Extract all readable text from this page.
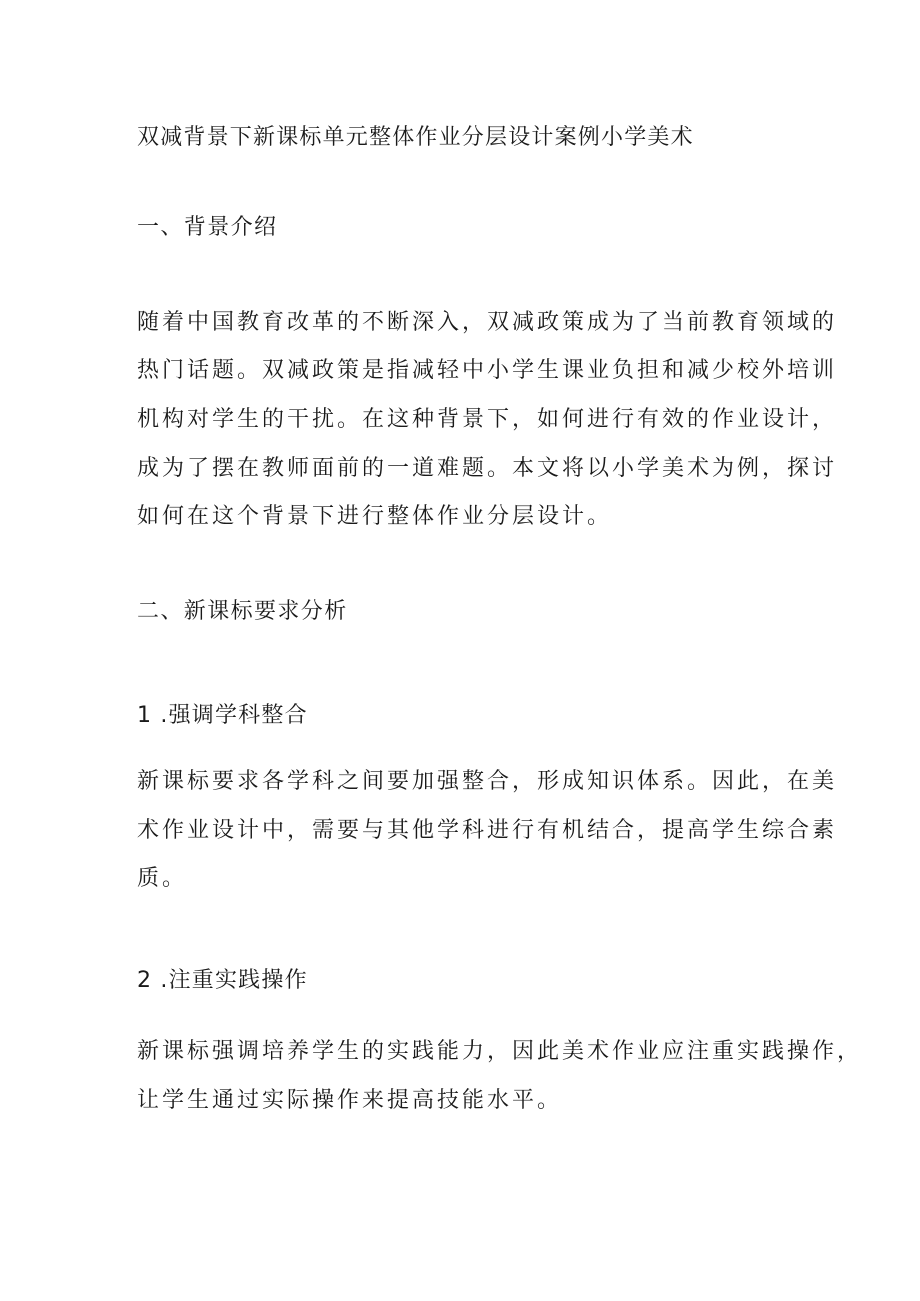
双减背景下新课标单元整体作业分层设计案例小学美术
一、背景介绍
随着中国教育改革的不断深入，双减政策成为了当前教育领域的
热门话题。双减政策是指减轻中小学生课业负担和减少校外培训
机构对学生的干扰。在这种背景下，如何进行有效的作业设计，
成为了摆在教师面前的一道难题。本文将以小学美术为例，探讨
如何在这个背景下进行整体作业分层设计。
二、新课标要求分析
1 .强调学科整合
新课标要求各学科之间要加强整合，形成知识体系。因此，在美
术作业设计中，需要与其他学科进行有机结合，提高学生综合素
质。
2 .注重实践操作
新课标强调培养学生的实践能力，因此美术作业应注重实践操作，
让学生通过实际操作来提高技能水平。
